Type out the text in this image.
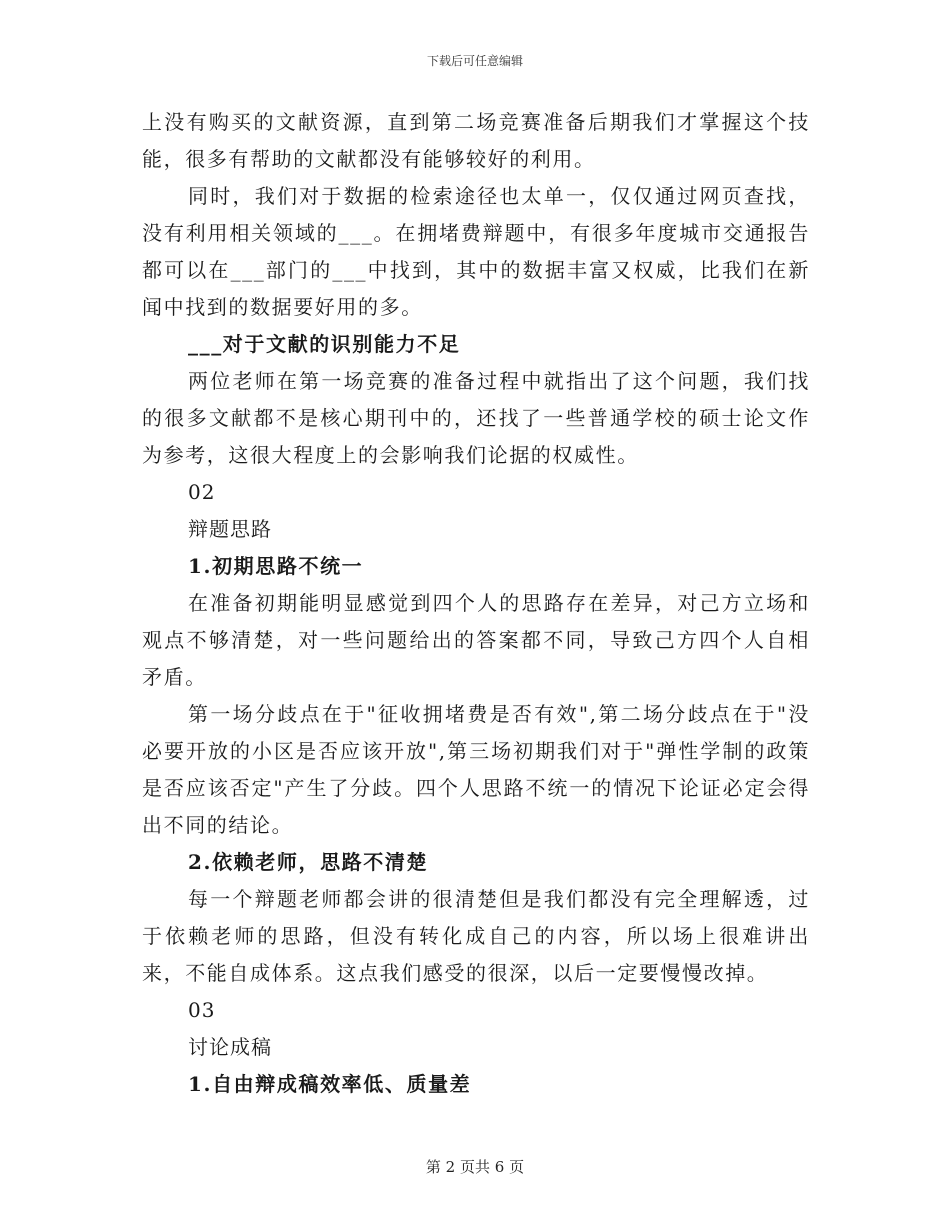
下载后可任意编辑

上没有购买的文献资源，直到第二场竞赛准备后期我们才掌握这个技能，很多有帮助的文献都没有能够较好的利用。

同时，我们对于数据的检索途径也太单一，仅仅通过网页查找，没有利用相关领域的___。在拥堵费辩题中，有很多年度城市交通报告都可以在___部门的___中找到，其中的数据丰富又权威，比我们在新闻中找到的数据要好用的多。

___对于文献的识别能力不足

两位老师在第一场竞赛的准备过程中就指出了这个问题，我们找的很多文献都不是核心期刊中的，还找了一些普通学校的硕士论文作为参考，这很大程度上的会影响我们论据的权威性。

02

辩题思路

1.初期思路不统一

在准备初期能明显感觉到四个人的思路存在差异，对己方立场和观点不够清楚，对一些问题给出的答案都不同，导致己方四个人自相矛盾。

第一场分歧点在于"征收拥堵费是否有效",第二场分歧点在于"没必要开放的小区是否应该开放",第三场初期我们对于"弹性学制的政策是否应该否定"产生了分歧。四个人思路不统一的情况下论证必定会得出不同的结论。

2.依赖老师，思路不清楚

每一个辩题老师都会讲的很清楚但是我们都没有完全理解透，过于依赖老师的思路，但没有转化成自己的内容，所以场上很难讲出来，不能自成体系。这点我们感受的很深，以后一定要慢慢改掉。

03

讨论成稿

1.自由辩成稿效率低、质量差

第 2 页共 6 页
